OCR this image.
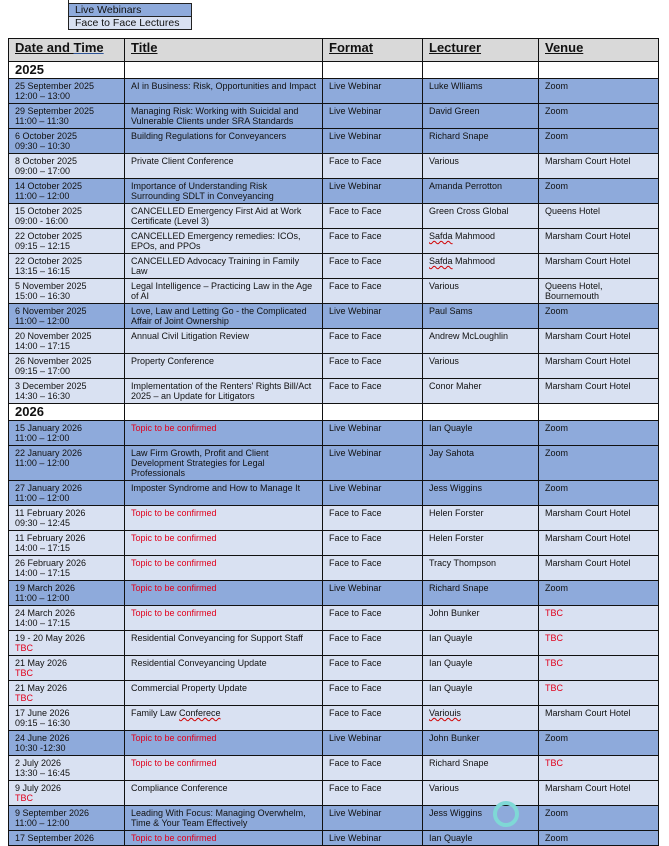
Live Webinars
Face to Face Lectures
Date and Time	Title	Format	Lecturer	Venue
2025				

25 September 2025
12:00 – 13:00	AI in Business: Risk, Opportunities and Impact	Live Webinar	Luke Wlliams	Zoom

29 September 2025
11:00 – 11:30	Managing Risk: Working with Suicidal and Vulnerable Clients under SRA Standards	Live Webinar	David Green	Zoom

6 October 2025
09:30 – 10:30	Building Regulations for Conveyancers	Live Webinar	Richard Snape	Zoom

8 October 2025
09:00 – 17:00	Private Client Conference	Face to Face	Various	Marsham Court Hotel

14 October 2025
11:00 – 12:00	Importance of Understanding Risk Surrounding SDLT in Conveyancing	Live Webinar	Amanda Perrotton	Zoom

15 October 2025
09:00 - 16:00	CANCELLED Emergency First Aid at Work Certificate (Level 3)	Face to Face	Green Cross Global	Queens Hotel

22 October 2025
09:15 – 12:15	CANCELLED Emergency remedies: ICOs, EPOs, and PPOs	Face to Face	Safda Mahmood	Marsham Court Hotel

22 October 2025
13:15 – 16:15	CANCELLED Advocacy Training in Family Law	Face to Face	Safda Mahmood	Marsham Court Hotel

5 November 2025
15:00 – 16:30	Legal Intelligence – Practicing Law in the Age of AI	Face to Face	Various	Queens Hotel, Bournemouth

6 November 2025
11:00 – 12:00	Love, Law and Letting Go - the Complicated Affair of Joint Ownership	Live Webinar	Paul Sams	Zoom

20 November 2025
14:00 – 17:15	Annual Civil Litigation Review	Face to Face	Andrew McLoughlin	Marsham Court Hotel

26 November 2025
09:15 – 17:00	Property Conference	Face to Face	Various	Marsham Court Hotel

3 December 2025
14:30 – 16:30	Implementation of the Renters' Rights Bill/Act 2025 – an Update for Litigators	Face to Face	Conor Maher	Marsham Court Hotel
2026				

15 January 2026
11:00 – 12:00	Topic to be confirmed	Live Webinar	Ian Quayle	Zoom

22 January 2026
11:00 – 12:00	Law Firm Growth, Profit and Client Development Strategies for Legal Professionals	Live Webinar	Jay Sahota	Zoom

27 January 2026
11:00 – 12:00	Imposter Syndrome and How to Manage It	Live Webinar	Jess Wiggins	Zoom

11 February 2026
09:30 – 12:45	Topic to be confirmed	Face to Face	Helen Forster	Marsham Court Hotel

11 February 2026
14:00 – 17:15	Topic to be confirmed	Face to Face	Helen Forster	Marsham Court Hotel

26 February 2026
14:00 – 17:15	Topic to be confirmed	Face to Face	Tracy Thompson	Marsham Court Hotel

19 March 2026
11:00 – 12:00	Topic to be confirmed	Live Webinar	Richard Snape	Zoom

24 March 2026
14:00 – 17:15	Topic to be confirmed	Face to Face	John Bunker	TBC

19 - 20 May 2026
TBC	Residential Conveyancing for Support Staff	Face to Face	Ian Quayle	TBC

21 May 2026
TBC	Residential Conveyancing Update	Face to Face	Ian Quayle	TBC

21 May 2026
TBC	Commercial Property Update	Face to Face	Ian Quayle	TBC

17 June 2026
09:15 – 16:30	Family Law Conferece	Face to Face	Variouis	Marsham Court Hotel

24 June 2026
10:30 -12:30	Topic to be confirmed	Live Webinar	John Bunker	Zoom

2 July 2026
13:30 – 16:45	Topic to be confirmed	Face to Face	Richard Snape	TBC

9 July 2026
TBC	Compliance Conference	Face to Face	Various	Marsham Court Hotel

9 September 2026
11:00 – 12:00	Leading With Focus: Managing Overwhelm, Time & Your Team Effectively	Live Webinar	Jess Wiggins	Zoom

17 September 2026	Topic to be confirmed	Live Webinar	Ian Quayle	Zoom
